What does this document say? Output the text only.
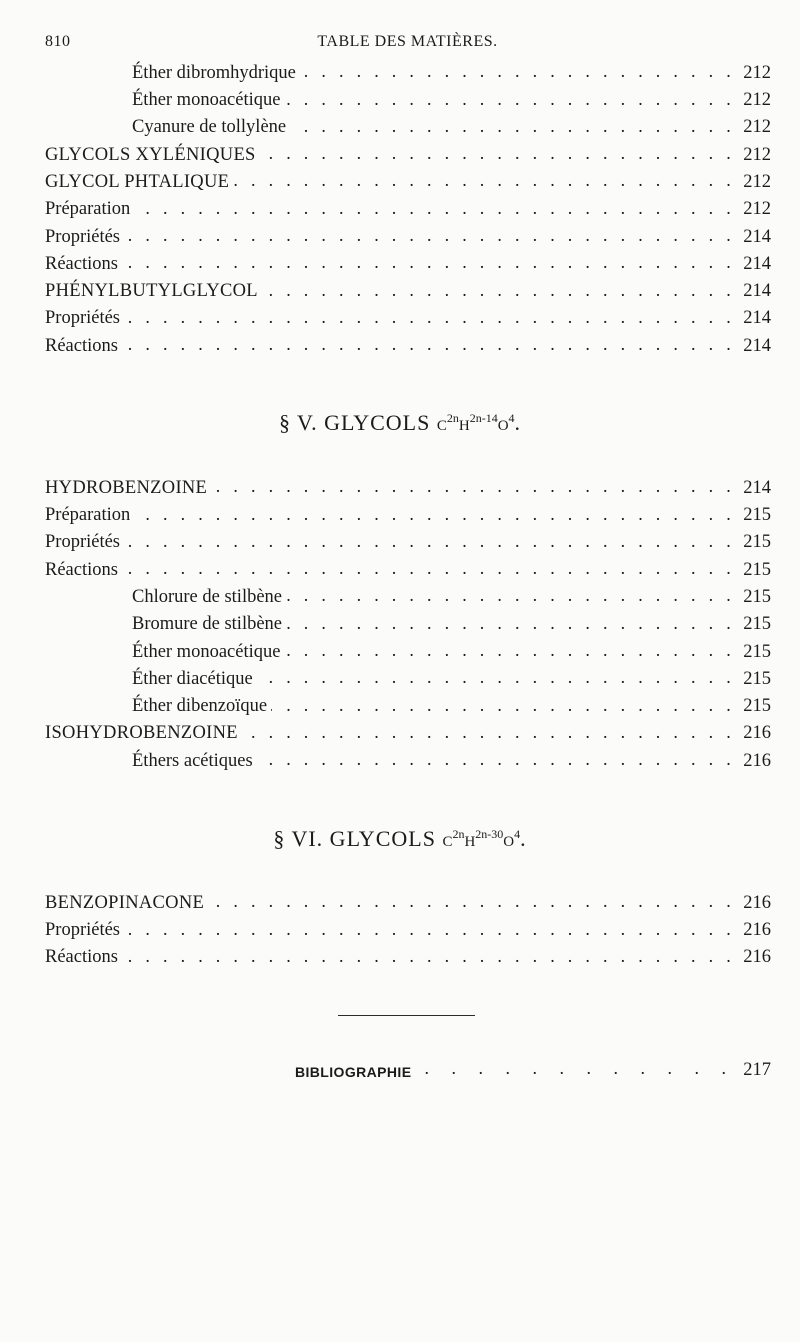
810	TABLE DES MATIÈRES.
Éther dibromhydrique . . .	212
Éther monoacétique . . .	212
Cyanure de tollylène . . .	212
GLYCOLS XYLÉNIQUES . . .	212
GLYCOL PHTALIQUE . . .	212
Préparation . . .	212
Propriétés . . .	214
Réactions . . .	214
PHÉNYLBUTYLGLYCOL . . .	214
Propriétés . . .	214
Réactions . . .	214
§ V. GLYCOLS $C^{2n}H^{2n-14}O^4$.
HYDROBENZOINE . . .	214
Préparation . . .	215
Propriétés . . .	215
Réactions . . .	215
Chlorure de stilbène . . .	215
Bromure de stilbène . . .	215
Éther monoacétique . . .	215
Éther diacétique . . .	215
Éther dibenzoïque . . .	215
ISOHYDROBENZOINE . . .	216
Éthers acétiques . . .	216
§ VI. GLYCOLS $C^{2n}H^{2n-30}O^4$.
BENZOPINACONE . . .	216
Propriétés . . .	216
Réactions . . .	216
BIBLIOGRAPHIE . . .	217
